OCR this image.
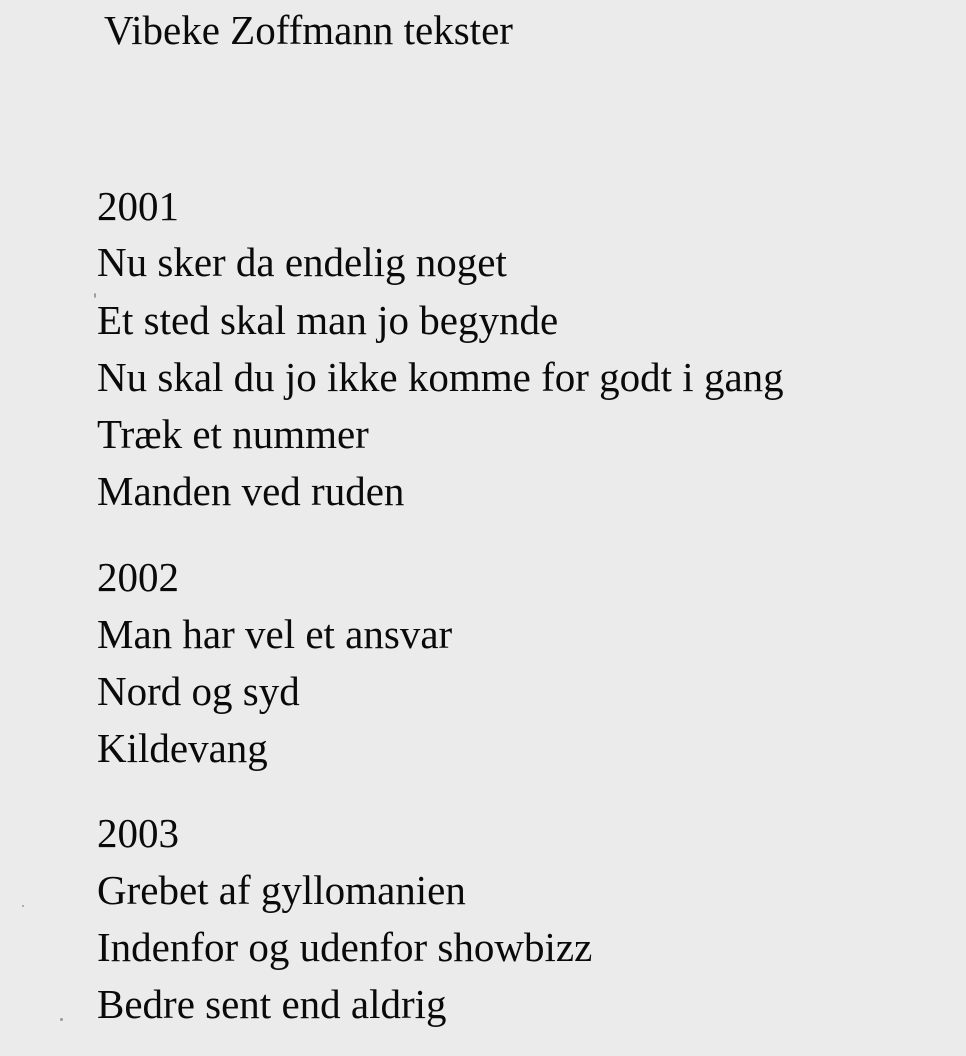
Vibeke Zoffmann tekster
2001
Nu sker da endelig noget
Et sted skal man jo begynde
Nu skal du jo ikke komme for godt i gang
Træk et nummer
Manden ved ruden
2002
Man har vel et ansvar
Nord og syd
Kildevang
2003
Grebet af gyllomanien
Indenfor og udenfor showbizz
Bedre sent end aldrig
